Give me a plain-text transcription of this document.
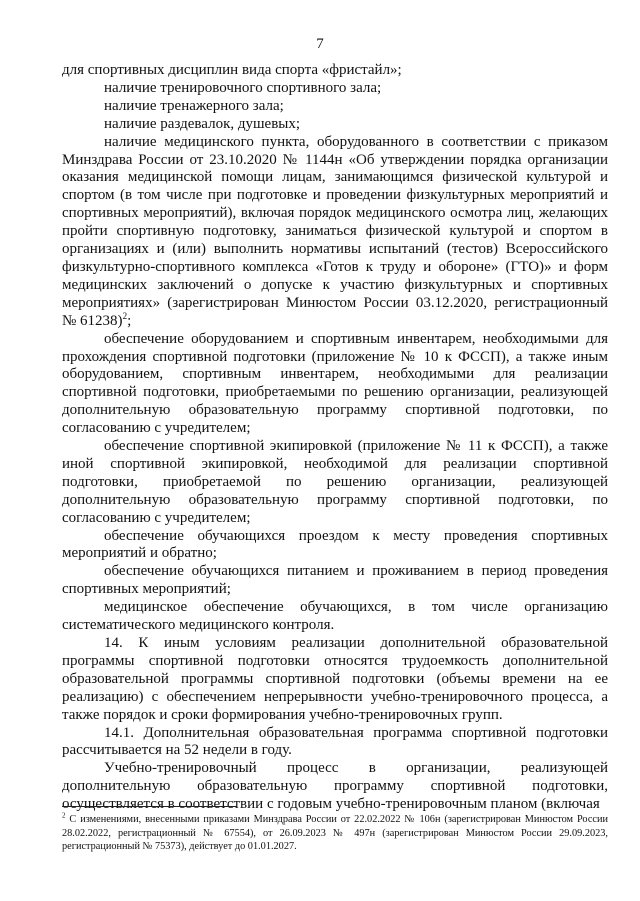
7

для спортивных дисциплин вида спорта «фристайл»;

наличие тренировочного спортивного зала;

наличие тренажерного зала;

наличие раздевалок, душевых;

наличие медицинского пункта, оборудованного в соответствии с приказом Минздрава России от 23.10.2020 № 1144н «Об утверждении порядка организации оказания медицинской помощи лицам, занимающимся физической культурой и спортом (в том числе при подготовке и проведении физкультурных мероприятий и спортивных мероприятий), включая порядок медицинского осмотра лиц, желающих пройти спортивную подготовку, заниматься физической культурой и спортом в организациях и (или) выполнить нормативы испытаний (тестов) Всероссийского физкультурно-спортивного комплекса «Готов к труду и обороне» (ГТО)» и форм медицинских заключений о допуске к участию физкультурных и спортивных мероприятиях» (зарегистрирован Минюстом России 03.12.2020, регистрационный № 61238)$^2$;

обеспечение оборудованием и спортивным инвентарем, необходимыми для прохождения спортивной подготовки (приложение № 10 к ФССП), а также иным оборудованием, спортивным инвентарем, необходимыми для реализации спортивной подготовки, приобретаемыми по решению организации, реализующей дополнительную образовательную программу спортивной подготовки, по согласованию с учредителем;

обеспечение спортивной экипировкой (приложение № 11 к ФССП), а также иной спортивной экипировкой, необходимой для реализации спортивной подготовки, приобретаемой по решению организации, реализующей дополнительную образовательную программу спортивной подготовки, по согласованию с учредителем;

обеспечение обучающихся проездом к месту проведения спортивных мероприятий и обратно;

обеспечение обучающихся питанием и проживанием в период проведения спортивных мероприятий;

медицинское обеспечение обучающихся, в том числе организацию систематического медицинского контроля.

14. К иным условиям реализации дополнительной образовательной программы спортивной подготовки относятся трудоемкость дополнительной образовательной программы спортивной подготовки (объемы времени на ее реализацию) с обеспечением непрерывности учебно-тренировочного процесса, а также порядок и сроки формирования учебно-тренировочных групп.

14.1. Дополнительная образовательная программа спортивной подготовки рассчитывается на 52 недели в году.

Учебно-тренировочный процесс в организации, реализующей дополнительную образовательную программу спортивной подготовки, осуществляется в соответствии с годовым учебно-тренировочным планом (включая

$^2$ С изменениями, внесенными приказами Минздрава России от 22.02.2022 № 106н (зарегистрирован Минюстом России 28.02.2022, регистрационный № 67554), от 26.09.2023 № 497н (зарегистрирован Минюстом России 29.09.2023, регистрационный № 75373), действует до 01.01.2027.
